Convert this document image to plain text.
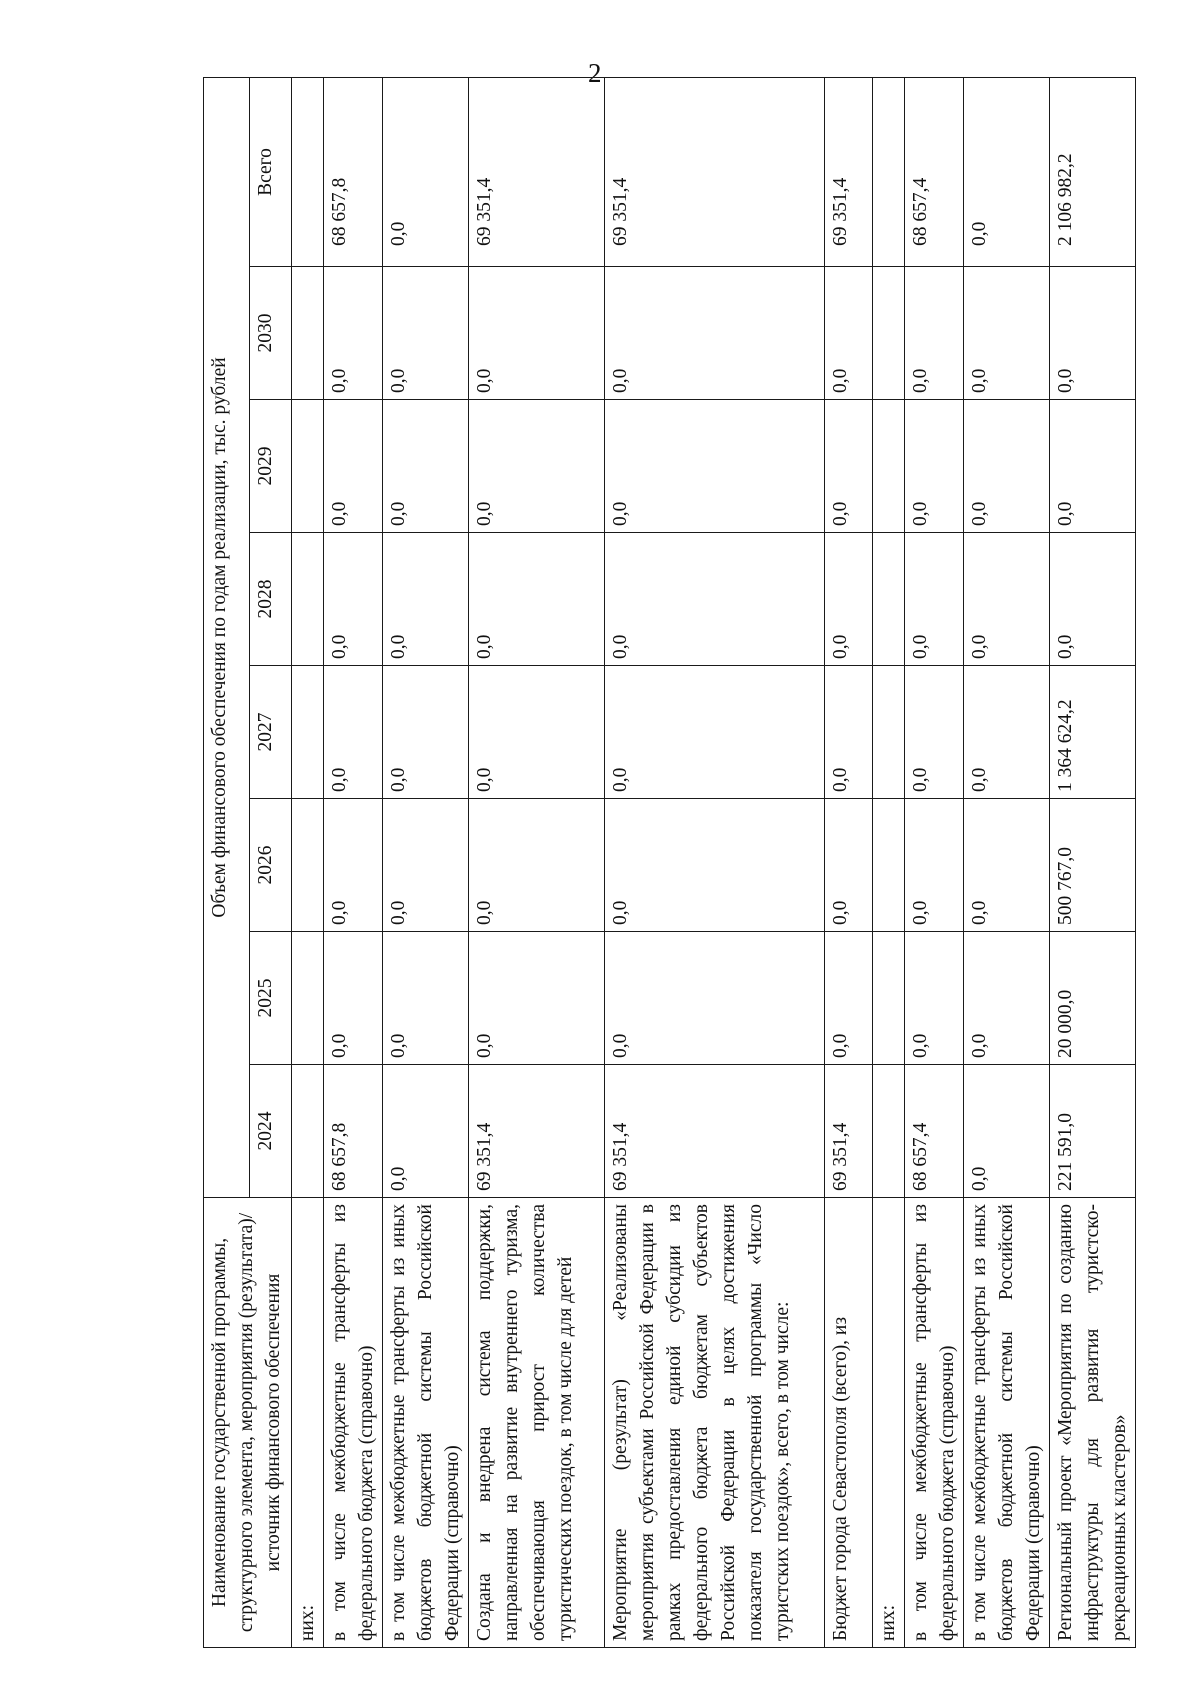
2
Наименование государственной программы, структурного элемента, мероприятия (результата)/источник финансового обеспечения	Объем финансового обеспечения по годам реализации, тыс. рублей							
	2024	2025	2026	2027	2028	2029	2030	Всего
них:								
в том числе межбюджетные трансферты из федерального бюджета (справочно)	68 657,8	0,0	0,0	0,0	0,0	0,0	0,0	68 657,8
в том числе межбюджетные трансферты из иных бюджетов бюджетной системы Российской Федерации (справочно)	0,0	0,0	0,0	0,0	0,0	0,0	0,0	0,0
Создана и внедрена система поддержки, направленная на развитие внутреннего туризма, обеспечивающая прирост количества туристических поездок, в том числе для детей	69 351,4	0,0	0,0	0,0	0,0	0,0	0,0	69 351,4
Мероприятие (результат) «Реализованы мероприятия субъектами Российской Федерации в рамках предоставления единой субсидии из федерального бюджета бюджетам субъектов Российской Федерации в целях достижения показателя государственной программы «Число туристских поездок», всего, в том числе:	69 351,4	0,0	0,0	0,0	0,0	0,0	0,0	69 351,4
Бюджет города Севастополя (всего), из	69 351,4	0,0	0,0	0,0	0,0	0,0	0,0	69 351,4
них:								
в том числе межбюджетные трансферты из федерального бюджета (справочно)	68 657,4	0,0	0,0	0,0	0,0	0,0	0,0	68 657,4
в том числе межбюджетные трансферты из иных бюджетов бюджетной системы Российской Федерации (справочно)	0,0	0,0	0,0	0,0	0,0	0,0	0,0	0,0
Региональный проект «Мероприятия по созданию инфраструктуры для развития туристско-рекреационных кластеров»	221 591,0	20 000,0	500 767,0	1 364 624,2	0,0	0,0	0,0	2 106 982,2
